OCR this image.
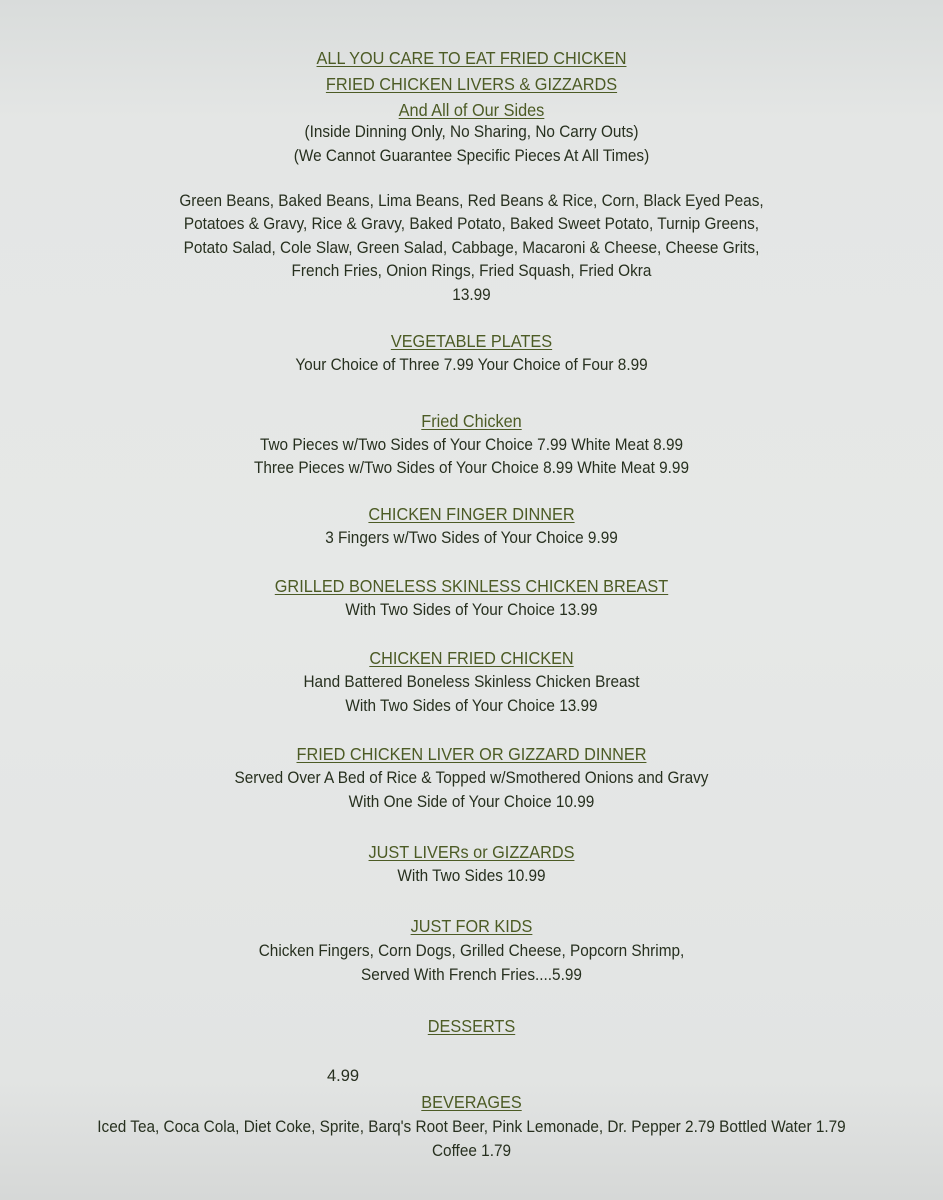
ALL YOU CARE TO EAT FRIED CHICKEN
FRIED CHICKEN LIVERS & GIZZARDS
And All of Our Sides
(Inside Dinning Only, No Sharing, No Carry Outs)
(We Cannot Guarantee Specific Pieces At All Times)
Green Beans, Baked Beans, Lima Beans, Red Beans & Rice, Corn, Black Eyed Peas,
Potatoes & Gravy, Rice & Gravy, Baked Potato, Baked Sweet Potato, Turnip Greens,
Potato Salad, Cole Slaw, Green Salad, Cabbage, Macaroni & Cheese, Cheese Grits,
French Fries, Onion Rings, Fried Squash, Fried Okra
13.99
VEGETABLE PLATES
Your Choice of Three 7.99 Your Choice of Four 8.99
Fried Chicken
Two Pieces w/Two Sides of Your Choice 7.99 White Meat 8.99
Three Pieces w/Two Sides of Your Choice 8.99 White Meat 9.99
CHICKEN FINGER DINNER
3 Fingers w/Two Sides of Your Choice 9.99
GRILLED BONELESS SKINLESS CHICKEN BREAST
With Two Sides of Your Choice 13.99
CHICKEN FRIED CHICKEN
Hand Battered Boneless Skinless Chicken Breast
With Two Sides of Your Choice 13.99
FRIED CHICKEN LIVER OR GIZZARD DINNER
Served Over A Bed of Rice & Topped w/Smothered Onions and Gravy
With One Side of Your Choice 10.99
JUST LIVERs or GIZZARDS
With Two Sides 10.99
JUST FOR KIDS
Chicken Fingers, Corn Dogs, Grilled Cheese, Popcorn Shrimp,
Served With French Fries....5.99
DESSERTS
4.99
BEVERAGES
Iced Tea, Coca Cola, Diet Coke, Sprite, Barq's Root Beer, Pink Lemonade, Dr. Pepper 2.79 Bottled Water 1.79
Coffee 1.79
